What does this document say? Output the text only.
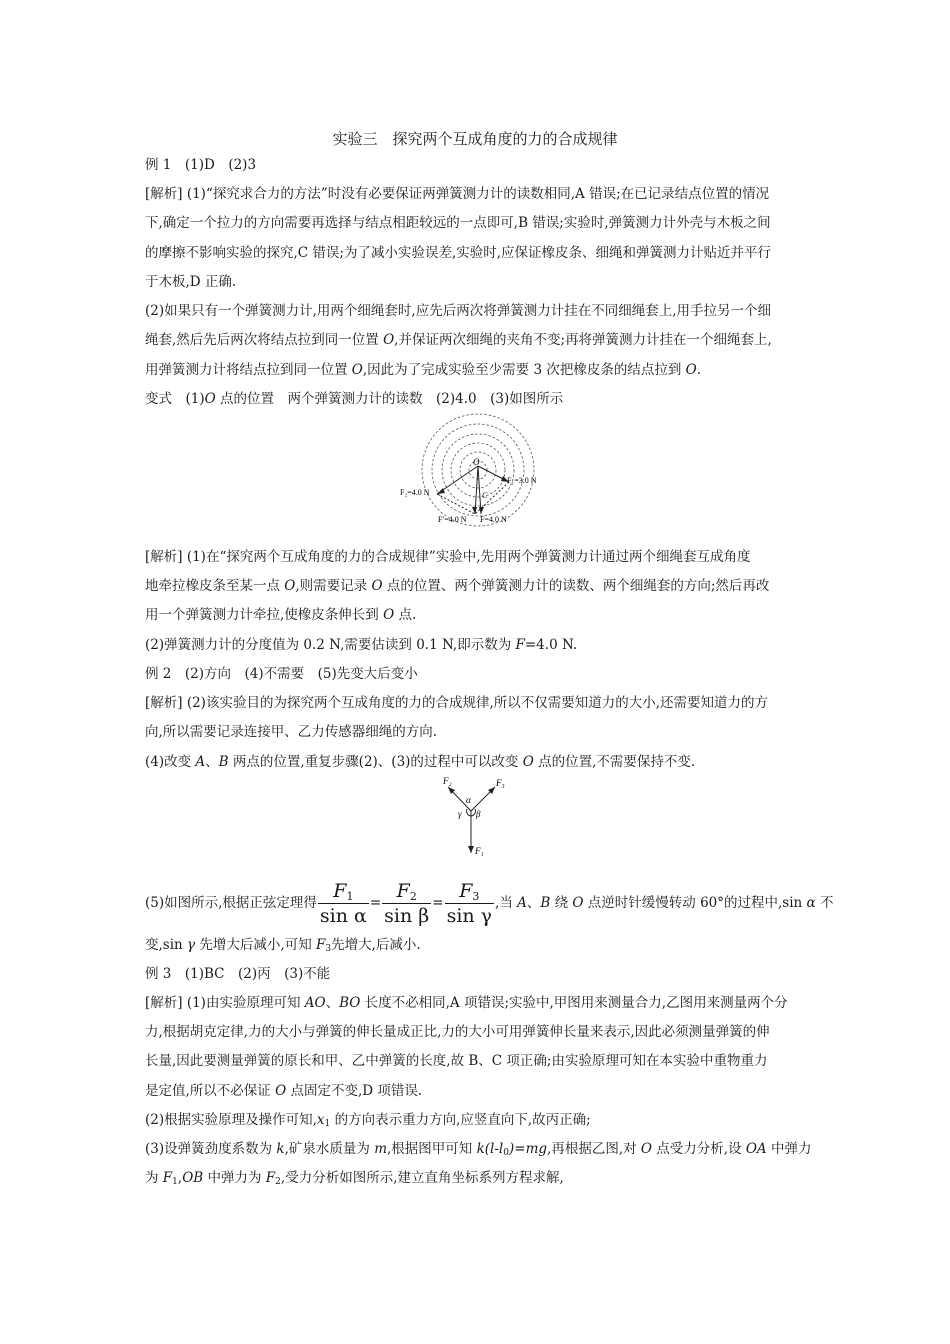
实验三　探究两个互成角度的力的合成规律
例 1　(1)D　(2)3
[解析] (1)“探究求合力的方法”时没有必要保证两弹簧测力计的读数相同,A 错误;在已记录结点位置的情况
下,确定一个拉力的方向需要再选择与结点相距较远的一点即可,B 错误;实验时,弹簧测力计外壳与木板之间
的摩擦不影响实验的探究,C 错误;为了减小实验误差,实验时,应保证橡皮条、细绳和弹簧测力计贴近并平行
于木板,D 正确.
(2)如果只有一个弹簧测力计,用两个细绳套时,应先后两次将弹簧测力计挂在不同细绳套上,用手拉另一个细
绳套,然后先后两次将结点拉到同一位置 O,并保证两次细绳的夹角不变;再将弹簧测力计挂在一个细绳套上,
用弹簧测力计将结点拉到同一位置 O,因此为了完成实验至少需要 3 次把橡皮条的结点拉到 O.
变式　(1)O 点的位置　两个弹簧测力计的读数　(2)4.0　(3)如图所示
O
C
F₁=3.0 N
F₂=4.0 N
F′=4.0 N F=4.0 N
[解析] (1)在“探究两个互成角度的力的合成规律”实验中,先用两个弹簧测力计通过两个细绳套互成角度
地牵拉橡皮条至某一点 O,则需要记录 O 点的位置、两个弹簧测力计的读数、两个细绳套的方向;然后再改
用一个弹簧测力计牵拉,使橡皮条伸长到 O 点.
(2)弹簧测力计的分度值为 0.2 N,需要估读到 0.1 N,即示数为 F=4.0 N.
例 2　(2)方向　(4)不需要　(5)先变大后变小
[解析] (2)该实验目的为探究两个互成角度的力的合成规律,所以不仅需要知道力的大小,还需要知道力的方
向,所以需要记录连接甲、乙力传感器细绳的方向.
(4)改变 A、B 两点的位置,重复步骤(2)、(3)的过程中可以改变 O 点的位置,不需要保持不变.
F₂	F₃
F₁
α
β
γ
(5)如图所示,根据正弦定理得 $\frac{F_1}{\text{sin α}} = \frac{F_2}{\text{sin β}} = \frac{F_3}{\text{sin γ}}$ ,当 A、B 绕 O 点逆时针缓慢转动 60°的过程中,sin α 不
变,sin γ 先增大后减小,可知 $F_3$先增大,后减小.
例 3　(1)BC　(2)丙　(3)不能
[解析] (1)由实验原理可知 AO、BO 长度不必相同,A 项错误;实验中,甲图用来测量合力,乙图用来测量两个分
力,根据胡克定律,力的大小与弹簧的伸长量成正比,力的大小可用弹簧伸长量来表示,因此必须测量弹簧的伸
长量,因此要测量弹簧的原长和甲、乙中弹簧的长度,故 B、C 项正确;由实验原理可知在本实验中重物重力
是定值,所以不必保证 O 点固定不变,D 项错误.
(2)根据实验原理及操作可知$,x_1$ 的方向表示重力方向,应竖直向下,故丙正确;
(3)设弹簧劲度系数为 k,矿泉水质量为 m,根据图甲可知 $k(l-l_0)=mg$,再根据乙图,对 O 点受力分析,设 OA 中弹力
为 $F_1,OB$ 中弹力为 $F_2$,受力分析如图所示,建立直角坐标系列方程求解,
